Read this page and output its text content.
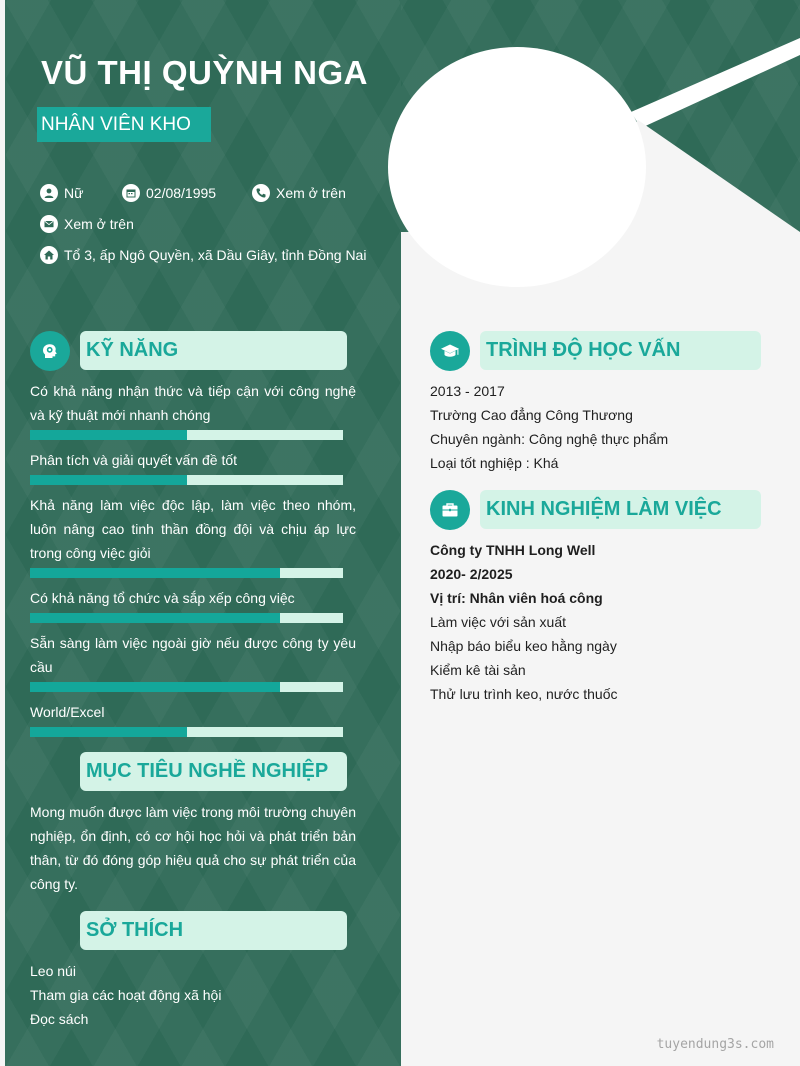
VŨ THỊ QUỲNH NGA
NHÂN VIÊN KHO
Nữ	02/08/1995	Xem ở trên
Xem ở trên
Tổ 3, ấp Ngô Quyền, xã Dầu Giây, tỉnh Đồng Nai
KỸ NĂNG

Có khả năng nhận thức và tiếp cận với công nghệ và kỹ thuật mới nhanh chóng

Phân tích và giải quyết vấn đề tốt

Khả năng làm việc độc lập, làm việc theo nhóm, luôn nâng cao tinh thần đồng đội và chịu áp lực trong công việc giỏi

Có khả năng tổ chức và sắp xếp công việc

Sẵn sàng làm việc ngoài giờ nếu được công ty yêu cầu

World/Excel

MỤC TIÊU NGHỀ NGHIỆP

Mong muốn được làm việc trong môi trường chuyên nghiệp, ổn định, có cơ hội học hỏi và phát triển bản thân, từ đó đóng góp hiệu quả cho sự phát triển của công ty.

SỞ THÍCH
Leo núi
Tham gia các hoạt động xã hội
Đọc sách
TRÌNH ĐỘ HỌC VẤN
2013 - 2017
Trường Cao đẳng Công Thương
Chuyên ngành: Công nghệ thực phẩm
Loại tốt nghiệp : Khá
KINH NGHIỆM LÀM VIỆC
Công ty TNHH Long Well
2020- 2/2025
Vị trí: Nhân viên hoá công
Làm việc với sản xuất
Nhập báo biểu keo hằng ngày
Kiểm kê tài sản
Thử lưu trình keo, nước thuốc
tuyendung3s.com
